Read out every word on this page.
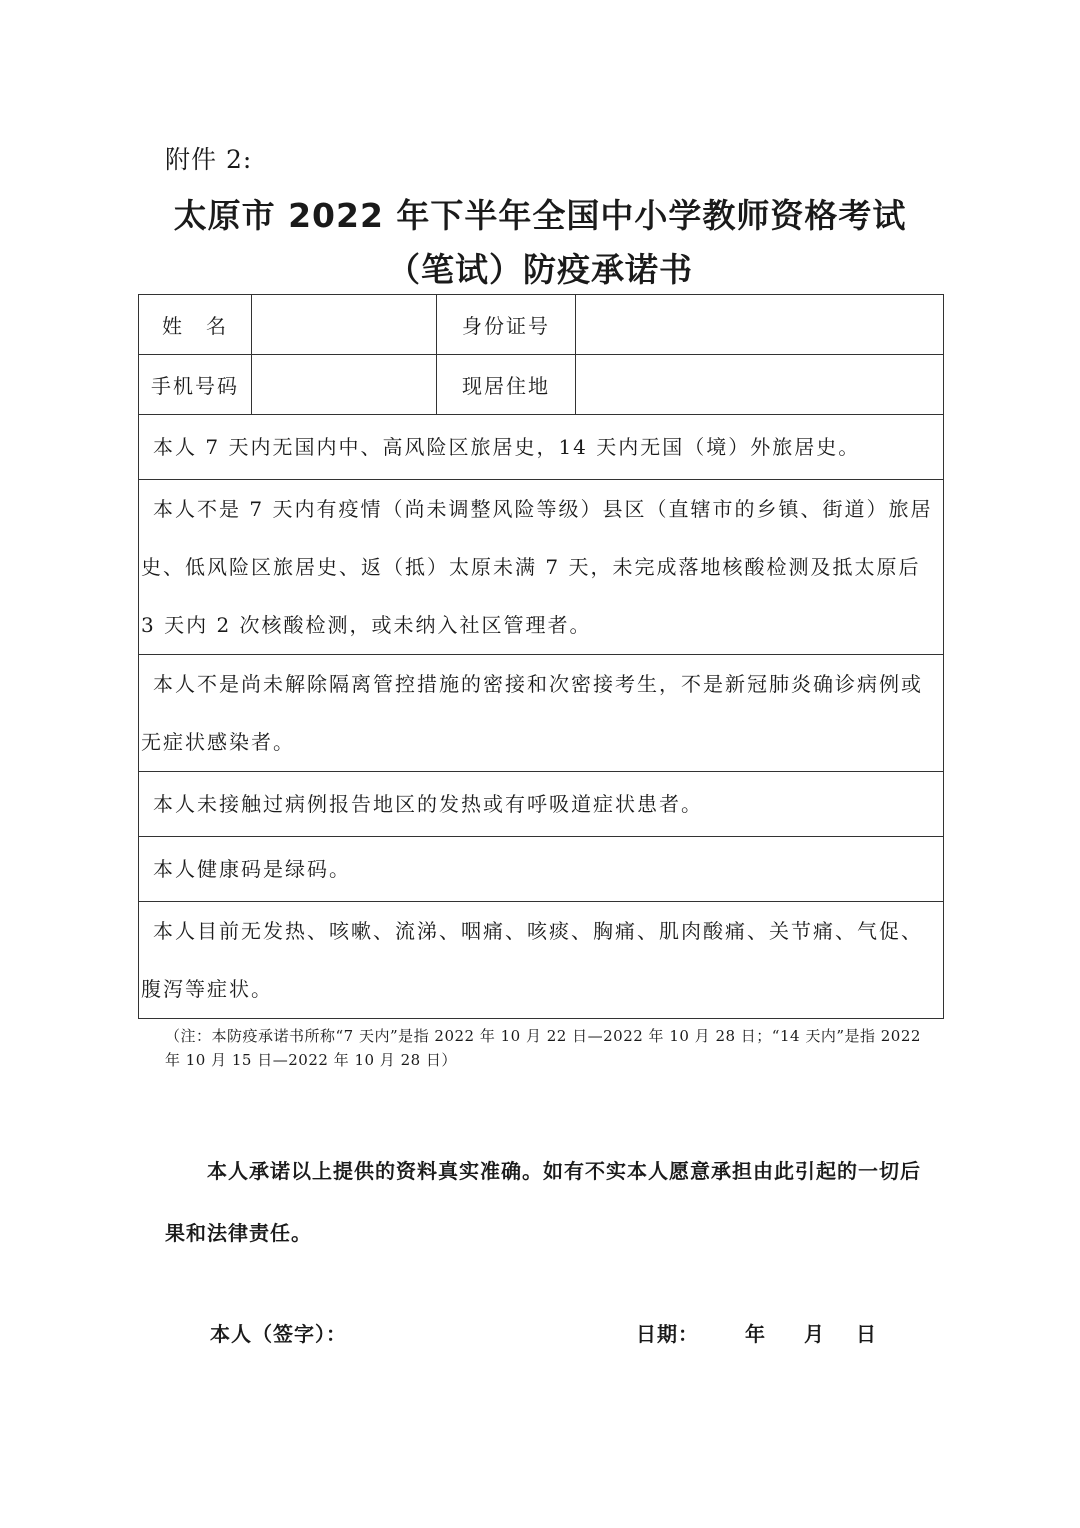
附件 2:
太原市 2022 年下半年全国中小学教师资格考试
（笔试）防疫承诺书
姓　名		身份证号	
手机号码		现居住地	
本人 7 天内无国内中、高风险区旅居史，14 天内无国（境）外旅居史。			
本人不是 7 天内有疫情（尚未调整风险等级）县区（直辖市的乡镇、街道）旅居史、低风险区旅居史、返（抵）太原未满 7 天，未完成落地核酸检测及抵太原后 3 天内 2 次核酸检测，或未纳入社区管理者。			
本人不是尚未解除隔离管控措施的密接和次密接考生，不是新冠肺炎确诊病例或无症状感染者。			
本人未接触过病例报告地区的发热或有呼吸道症状患者。			
本人健康码是绿码。			
本人目前无发热、咳嗽、流涕、咽痛、咳痰、胸痛、肌肉酸痛、关节痛、气促、腹泻等症状。			
（注：本防疫承诺书所称“7 天内”是指 2022 年 10 月 22 日—2022 年 10 月 28 日；“14 天内”是指 2022 年 10 月 15 日—2022 年 10 月 28 日）
本人承诺以上提供的资料真实准确。如有不实本人愿意承担由此引起的一切后果和法律责任。
本人（签字）：	日期： 年 月 日
